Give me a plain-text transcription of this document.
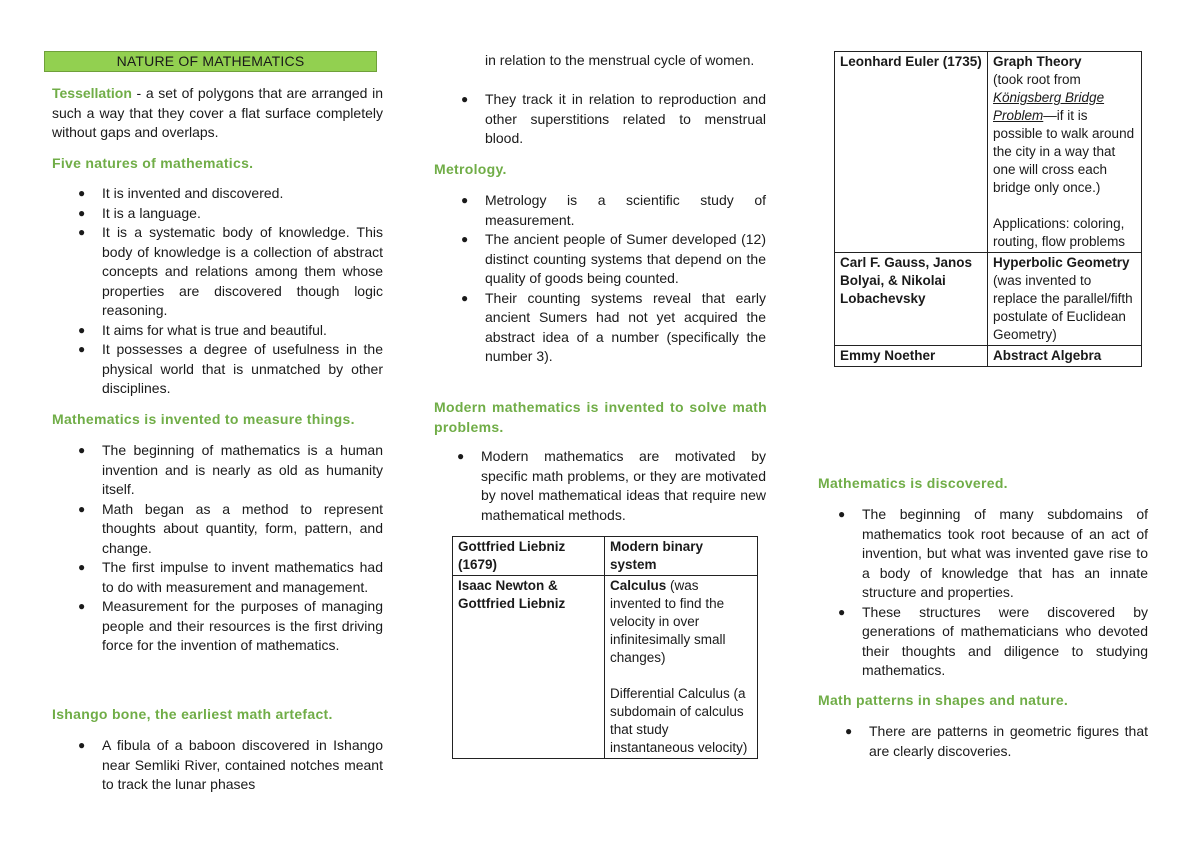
NATURE OF MATHEMATICS

Tessellation - a set of polygons that are arranged in such a way that they cover a flat surface completely without gaps and overlaps.

Five natures of mathematics.

● It is invented and discovered.
● It is a language.
● It is a systematic body of knowledge. This body of knowledge is a collection of abstract concepts and relations among them whose properties are discovered though logic reasoning.
● It aims for what is true and beautiful.
● It possesses a degree of usefulness in the physical world that is unmatched by other disciplines.

Mathematics is invented to measure things.

● The beginning of mathematics is a human invention and is nearly as old as humanity itself.
● Math began as a method to represent thoughts about quantity, form, pattern, and change.
● The first impulse to invent mathematics had to do with measurement and management.
● Measurement for the purposes of managing people and their resources is the first driving force for the invention of mathematics.

Ishango bone, the earliest math artefact.

● A fibula of a baboon discovered in Ishango near Semliki River, contained notches meant to track the lunar phases

in relation to the menstrual cycle of women.

● They track it in relation to reproduction and other superstitions related to menstrual blood.

Metrology.

● Metrology is a scientific study of measurement.
● The ancient people of Sumer developed (12) distinct counting systems that depend on the quality of goods being counted.
● Their counting systems reveal that early ancient Sumers had not yet acquired the abstract idea of a number (specifically the number 3).

Modern mathematics is invented to solve math problems.

● Modern mathematics are motivated by specific math problems, or they are motivated by novel mathematical ideas that require new mathematical methods.
Gottfried Liebniz (1679)	Modern binary system
Isaac Newton & Gottfried Liebniz	Calculus (was invented to find the velocity in over infinitesimally small changes)
Differential Calculus (a subdomain of calculus that study instantaneous velocity)
Leonhard Euler (1735)	Graph Theory
(took root from Königsberg Bridge Problem—if it is possible to walk around the city in a way that one will cross each bridge only once.)
Applications: coloring, routing, flow problems

Carl F. Gauss, Janos Bolyai, & Nikolai Lobachevsky	Hyperbolic Geometry (was invented to replace the parallel/fifth postulate of Euclidean Geometry)
Emmy Noether	Abstract Algebra

Mathematics is discovered.

● The beginning of many subdomains of mathematics took root because of an act of invention, but what was invented gave rise to a body of knowledge that has an innate structure and properties.
● These structures were discovered by generations of mathematicians who devoted their thoughts and diligence to studying mathematics.

Math patterns in shapes and nature.

● There are patterns in geometric figures that are clearly discoveries.
